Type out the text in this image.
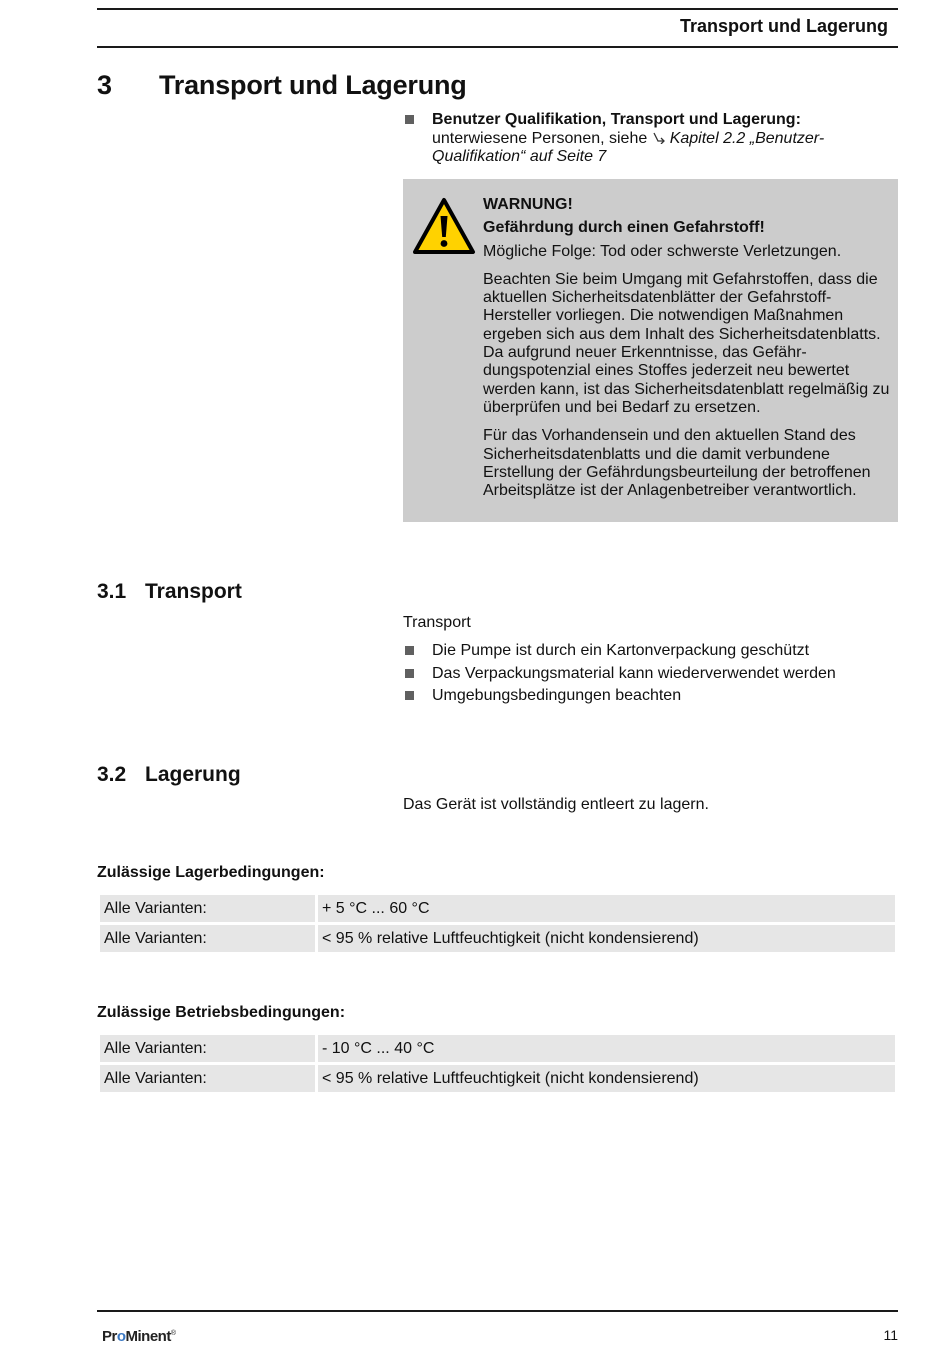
Transport und Lagerung
3 Transport und Lagerung
Benutzer Qualifikation, Transport und Lagerung: unterwiesene Personen, siehe Kapitel 2.2 „Benutzer-Qualifikation“ auf Seite 7
WARNUNG!
Gefährdung durch einen Gefahrstoff!
Mögliche Folge: Tod oder schwerste Verletzungen.
Beachten Sie beim Umgang mit Gefahrstoffen, dass die aktuellen Sicherheitsdatenblätter der Gefahrstoff-Hersteller vorliegen. Die notwendigen Maßnahmen ergeben sich aus dem Inhalt des Sicherheitsdatenblatts. Da aufgrund neuer Erkenntnisse, das Gefährdungspotenzial eines Stoffes jederzeit neu bewertet werden kann, ist das Sicherheitsdatenblatt regelmäßig zu überprüfen und bei Bedarf zu ersetzen.
Für das Vorhandensein und den aktuellen Stand des Sicherheitsdatenblatts und die damit verbundene Erstellung der Gefährdungsbeurteilung der betroffenen Arbeitsplätze ist der Anlagenbetreiber verantwortlich.
3.1 Transport
Transport
Die Pumpe ist durch ein Kartonverpackung geschützt
Das Verpackungsmaterial kann wiederverwendet werden
Umgebungsbedingungen beachten
3.2 Lagerung
Das Gerät ist vollständig entleert zu lagern.
Zulässige Lagerbedingungen:
Alle Varianten:	+ 5 °C ... 60 °C
Alle Varianten:	< 95 % relative Luftfeuchtigkeit (nicht kondensierend)
Zulässige Betriebsbedingungen:
Alle Varianten:	- 10 °C ... 40 °C
Alle Varianten:	< 95 % relative Luftfeuchtigkeit (nicht kondensierend)
ProMinent®	11
